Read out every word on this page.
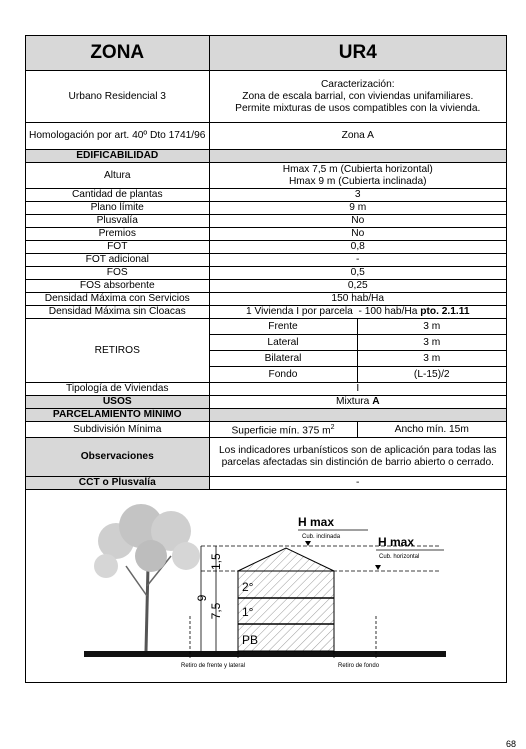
ZONA	UR4	
Urbano Residencial 3	Caracterización:
Zona de escala barrial, con viviendas unifamiliares.
Permite mixturas de usos compatibles con la vivienda.	

Homologación por art. 40º Dto 1741/96	Zona A	
EDIFICABILIDAD		
Altura	Hmax 7,5 m (Cubierta horizontal)
Hmax 9 m (Cubierta inclinada)	

Cantidad de plantas	3	
Plano límite	9 m	
Plusvalía	No	
Premios	No	
FOT	0,8	
FOT adicional	-	
FOS	0,5	
FOS absorbente	0,25	
Densidad Máxima con Servicios	150 hab/Ha	
Densidad Máxima sin Cloacas	1 Vivienda I por parcela  - 100 hab/Ha pto. 2.1.11	
RETIROS	Frente	3 m
	Lateral	3 m
	Bilateral	3 m
	Fondo	(L-15)/2
Tipología de Viviendas	I	
USOS	Mixtura A	
PARCELAMIENTO MÍNIMO		
Subdivisión Mínima	Superficie mín. 375 $m^2$	Ancho mín. 15m
Observaciones	Los indicadores urbanísticos son de aplicación para todas las parcelas afectadas sin distinción de barrio abierto o cerrado.	
CCT o Plusvalía	-	
1,5
9
7,5
2°
1°
PB
H max
Cub. inclinada	H max
Cub. horizontal
Retiro de frente y lateral	Retiro de fondo
68
